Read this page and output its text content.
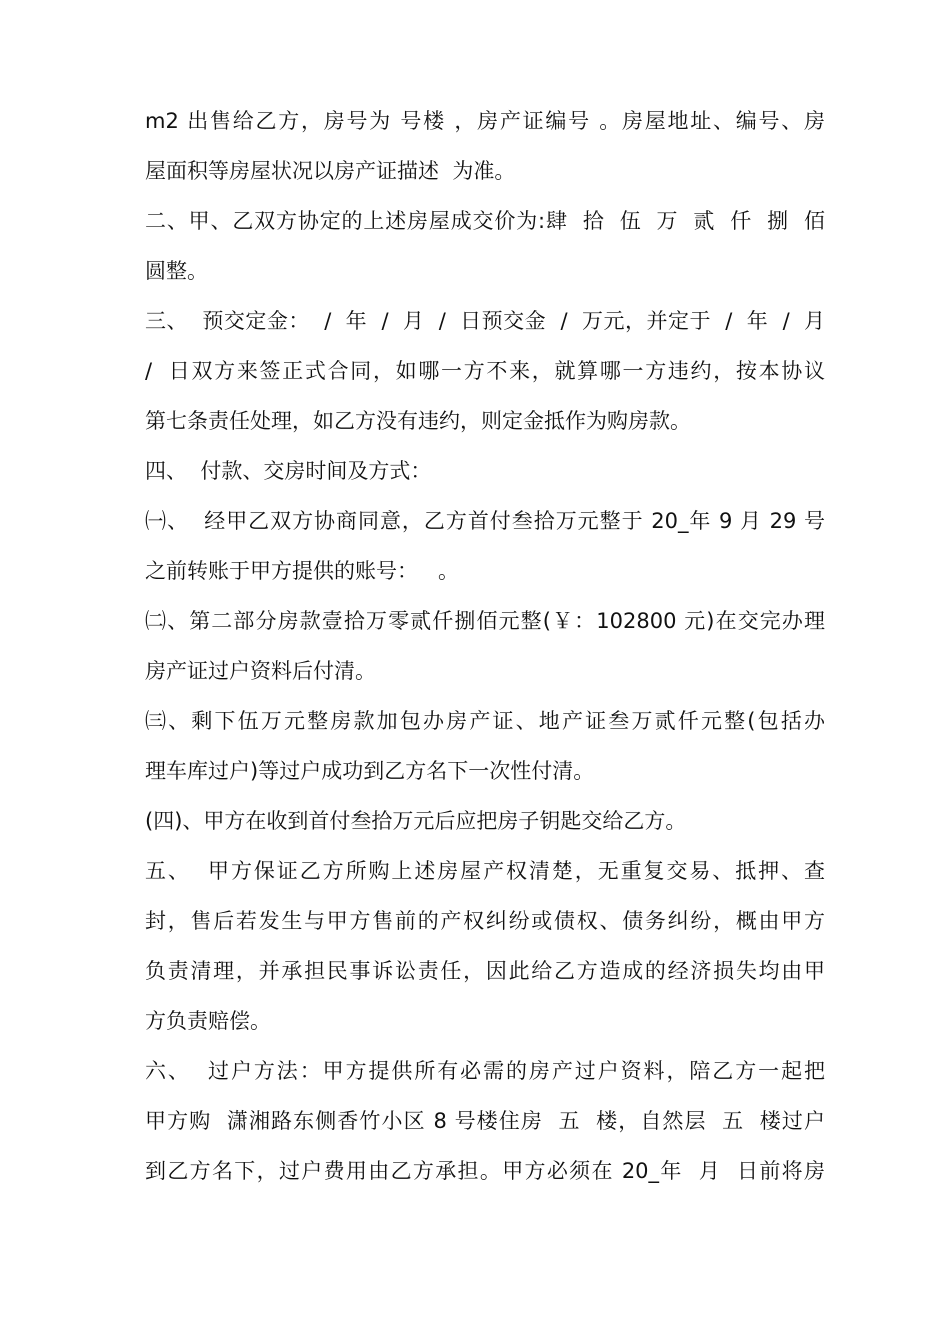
m2 出售给乙方，房号为 号楼 ，房产证编号 。房屋地址、编号、房
屋面积等房屋状况以房产证描述  为准。
二、甲、乙双方协定的上述房屋成交价为:肆  拾  伍  万  贰  仟  捌  佰
圆整。
三、  预交定金：  /  年  /  月  /  日预交金  /  万元，并定于  /  年  /  月
/  日双方来签正式合同，如哪一方不来，就算哪一方违约，按本协议
第七条责任处理，如乙方没有违约，则定金抵作为购房款。
四、  付款、交房时间及方式：
㈠、  经甲乙双方协商同意，乙方首付叁拾万元整于 20_年 9 月 29 号
之前转账于甲方提供的账号：   。
㈡、第二部分房款壹拾万零贰仟捌佰元整(￥：102800 元)在交完办理
房产证过户资料后付清。
㈢、剩下伍万元整房款加包办房产证、地产证叁万贰仟元整(包括办
理车库过户)等过户成功到乙方名下一次性付清。
(四)、甲方在收到首付叁拾万元后应把房子钥匙交给乙方。
五、  甲方保证乙方所购上述房屋产权清楚，无重复交易、抵押、查
封，售后若发生与甲方售前的产权纠纷或债权、债务纠纷，概由甲方
负责清理，并承担民事诉讼责任，因此给乙方造成的经济损失均由甲
方负责赔偿。
六、  过户方法：甲方提供所有必需的房产过户资料，陪乙方一起把
甲方购  潇湘路东侧香竹小区 8 号楼住房  五  楼，自然层  五  楼过户
到乙方名下，过户费用由乙方承担。甲方必须在 20_年  月  日前将房
